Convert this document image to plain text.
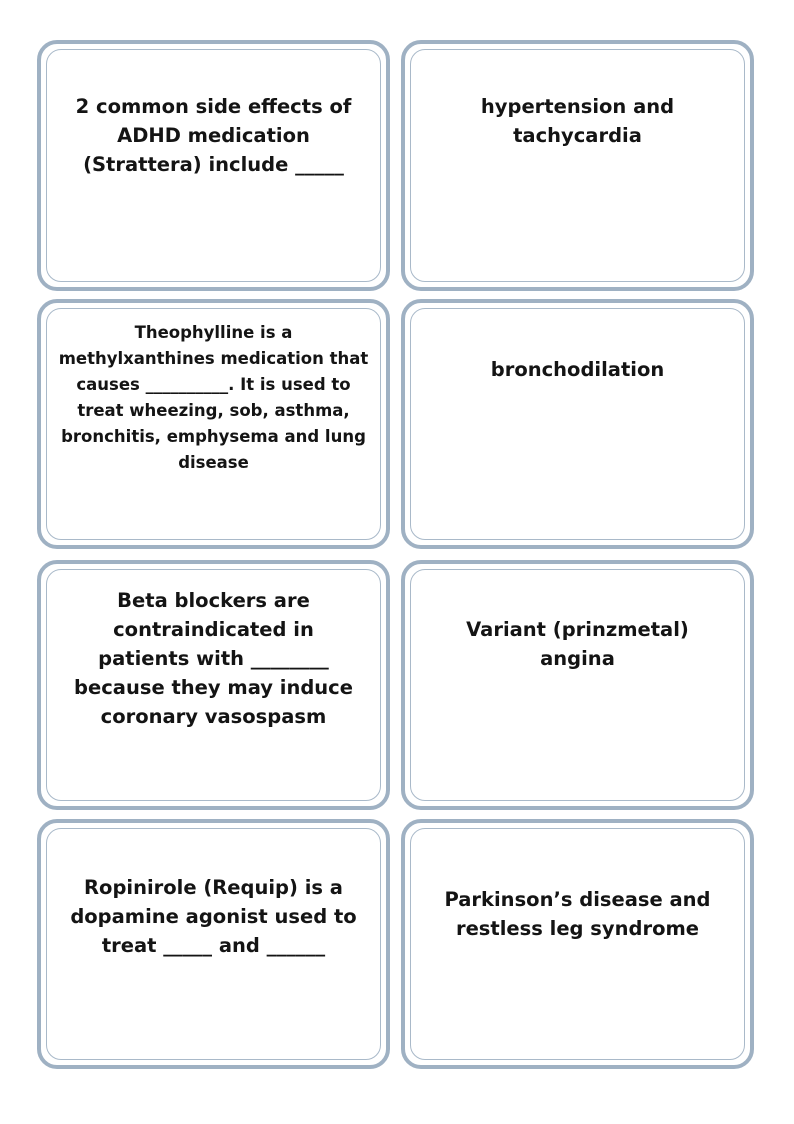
2 common side effects of ADHD medication (Strattera) include _____

hypertension and tachycardia

Theophylline is a methylxanthines medication that causes __________. It is used to treat wheezing, sob, asthma, bronchitis, emphysema and lung disease

bronchodilation

Beta blockers are contraindicated in patients with ________ because they may induce coronary vasospasm

Variant (prinzmetal) angina

Ropinirole (Requip) is a dopamine agonist used to treat _____ and ______

Parkinson’s disease and restless leg syndrome
